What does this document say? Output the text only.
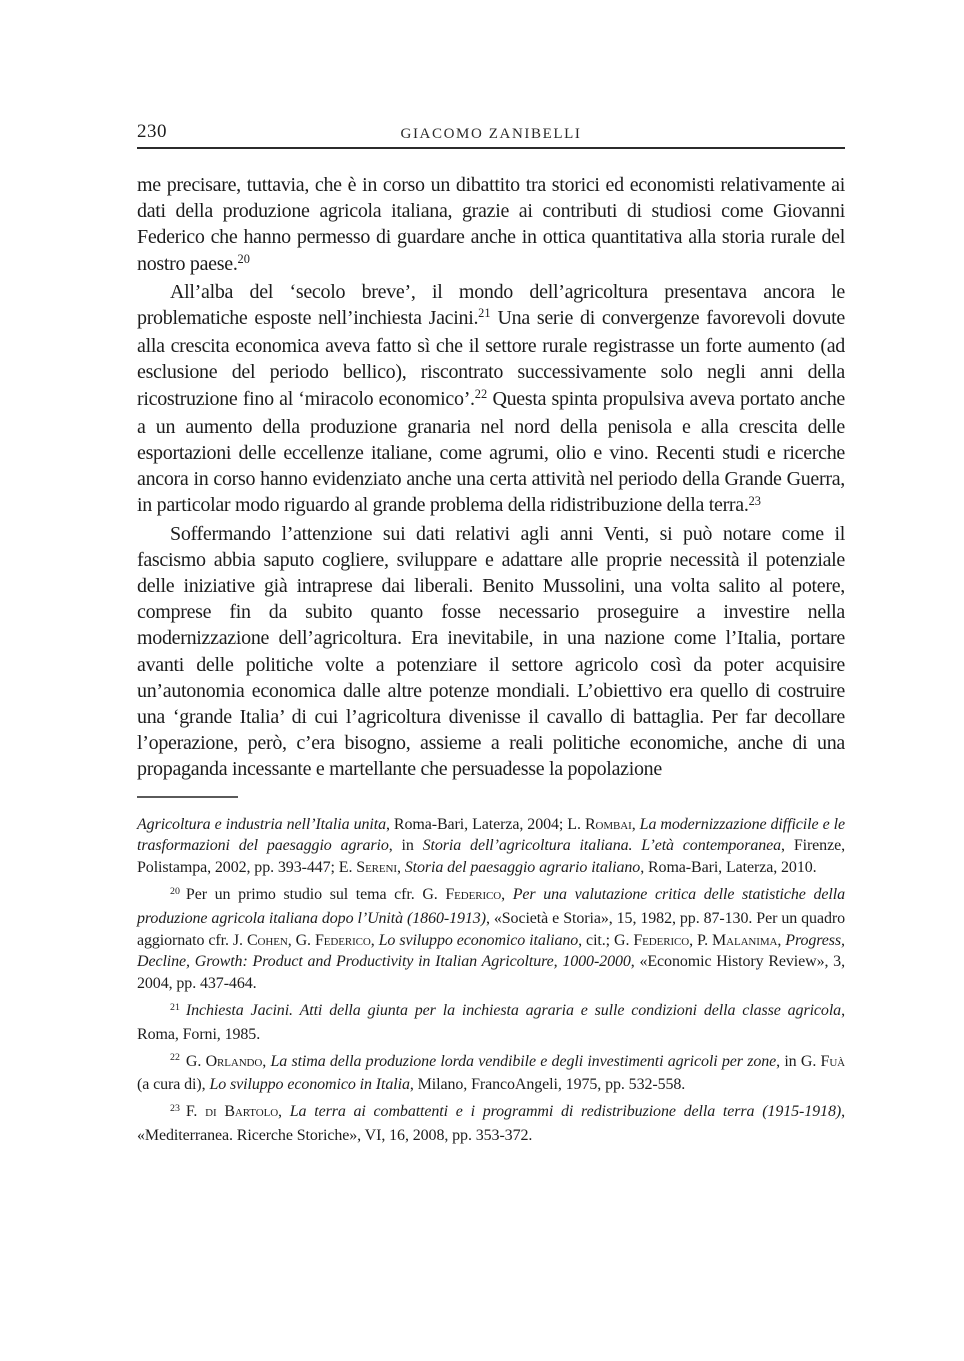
230	GIACOMO ZANIBELLI

me precisare, tuttavia, che è in corso un dibattito tra storici ed economisti relativamente ai dati della produzione agricola italiana, grazie ai contributi di studiosi come Giovanni Federico che hanno permesso di guardare anche in ottica quantitativa alla storia rurale del nostro paese.$^{20}$

All’alba del ‘secolo breve’, il mondo dell’agricoltura presentava ancora le problematiche esposte nell’inchiesta Jacini.$^{21}$ Una serie di convergenze favorevoli dovute alla crescita economica aveva fatto sì che il settore rurale registrasse un forte aumento (ad esclusione del periodo bellico), riscontrato successivamente solo negli anni della ricostruzione fino al ‘miracolo economico’.$^{22}$ Questa spinta propulsiva aveva portato anche a un aumento della produzione granaria nel nord della penisola e alla crescita delle esportazioni delle eccellenze italiane, come agrumi, olio e vino. Recenti studi e ricerche ancora in corso hanno evidenziato anche una certa attività nel periodo della Grande Guerra, in particolar modo riguardo al grande problema della ridistribuzione della terra.$^{23}$

Soffermando l’attenzione sui dati relativi agli anni Venti, si può notare come il fascismo abbia saputo cogliere, sviluppare e adattare alle proprie necessità il potenziale delle iniziative già intraprese dai liberali. Benito Mussolini, una volta salito al potere, comprese fin da subito quanto fosse necessario proseguire a investire nella modernizzazione dell’agricoltura. Era inevitabile, in una nazione come l’Italia, portare avanti delle politiche volte a potenziare il settore agricolo così da poter acquisire un’autonomia economica dalle altre potenze mondiali. L’obiettivo era quello di costruire una ‘grande Italia’ di cui l’agricoltura divenisse il cavallo di battaglia. Per far decollare l’operazione, però, c’era bisogno, assieme a reali politiche economiche, anche di una propaganda incessante e martellante che persuadesse la popolazione

Agricoltura e industria nell’Italia unita, Roma-Bari, Laterza, 2004; L. Rombai, La modernizzazione difficile e le trasformazioni del paesaggio agrario, in Storia dell’agricoltura italiana. L’età contemporanea, Firenze, Polistampa, 2002, pp. 393-447; E. Sereni, Storia del paesaggio agrario italiano, Roma-Bari, Laterza, 2010.

$^{20}$ Per un primo studio sul tema cfr. G. Federico, Per una valutazione critica delle statistiche della produzione agricola italiana dopo l’Unità (1860-1913), «Società e Storia», 15, 1982, pp. 87-130. Per un quadro aggiornato cfr. J. Cohen, G. Federico, Lo sviluppo economico italiano, cit.; G. Federico, P. Malanima, Progress, Decline, Growth: Product and Productivity in Italian Agricolture, 1000-2000, «Economic History Review», 3, 2004, pp. 437-464.

$^{21}$ Inchiesta Jacini. Atti della giunta per la inchiesta agraria e sulle condizioni della classe agricola, Roma, Forni, 1985.

$^{22}$ G. Orlando, La stima della produzione lorda vendibile e degli investimenti agricoli per zone, in G. Fuà (a cura di), Lo sviluppo economico in Italia, Milano, FrancoAngeli, 1975, pp. 532-558.

$^{23}$ F. di Bartolo, La terra ai combattenti e i programmi di redistribuzione della terra (1915-1918), «Mediterranea. Ricerche Storiche», VI, 16, 2008, pp. 353-372.
